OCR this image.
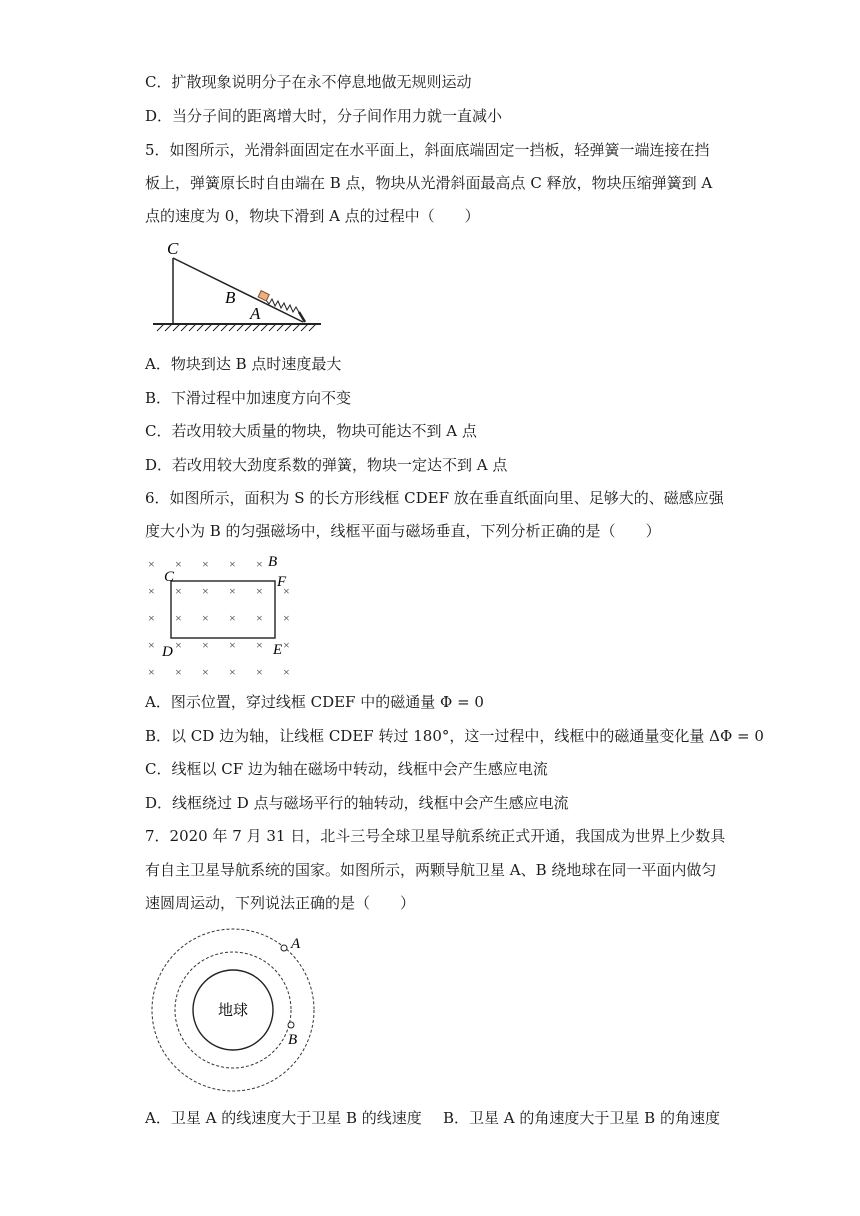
C．扩散现象说明分子在永不停息地做无规则运动
D．当分子间的距离增大时，分子间作用力就一直减小
5．如图所示，光滑斜面固定在水平面上，斜面底端固定一挡板，轻弹簧一端连接在挡
板上，弹簧原长时自由端在 B 点，物块从光滑斜面最高点 C 释放，物块压缩弹簧到 A
点的速度为 0，物块下滑到 A 点的过程中（　　）
C
B
A
A．物块到达 B 点时速度最大
B．下滑过程中加速度方向不变
C．若改用较大质量的物块，物块可能达不到 A 点
D．若改用较大劲度系数的弹簧，物块一定达不到 A 点
6．如图所示，面积为 S 的长方形线框 CDEF 放在垂直纸面向里、足够大的、磁感应强
度大小为 B 的匀强磁场中，线框平面与磁场垂直，下列分析正确的是（　　）
× × × × ×
× × × × × ×
× × × × × ×
× × × × × ×
× × × × × ×
C	F
B
D	E
A．图示位置，穿过线框 CDEF 中的磁通量 Φ = 0
B．以 CD 边为轴，让线框 CDEF 转过 180°，这一过程中，线框中的磁通量变化量 ΔΦ = 0
C．线框以 CF 边为轴在磁场中转动，线框中会产生感应电流
D．线框绕过 D 点与磁场平行的轴转动，线框中会产生感应电流
7．2020 年 7 月 31 日，北斗三号全球卫星导航系统正式开通，我国成为世界上少数具
有自主卫星导航系统的国家。如图所示，两颗导航卫星 A、B 绕地球在同一平面内做匀
速圆周运动，下列说法正确的是（　　）
地球
A
B
A．卫星 A 的线速度大于卫星 B 的线速度 B．卫星 A 的角速度大于卫星 B 的角速度
